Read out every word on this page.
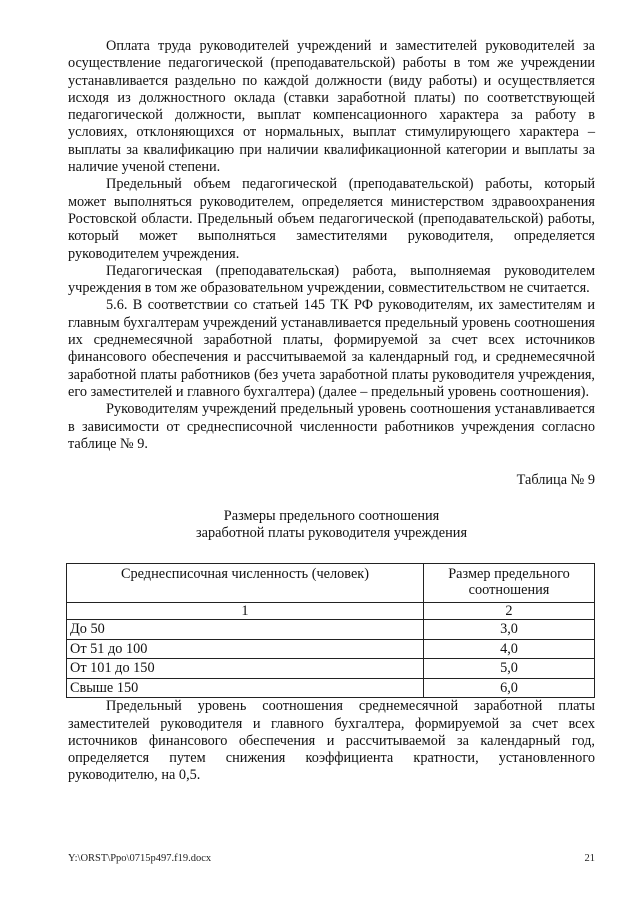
Оплата труда руководителей учреждений и заместителей руководителей за осуществление педагогической (преподавательской) работы в том же учреждении устанавливается раздельно по каждой должности (виду работы) и осуществляется исходя из должностного оклада (ставки заработной платы) по соответствующей педагогической должности, выплат компенсационного характера за работу в условиях, отклоняющихся от нормальных, выплат стимулирующего характера – выплаты за квалификацию при наличии квалификационной категории и выплаты за наличие ученой степени.

Предельный объем педагогической (преподавательской) работы, который может выполняться руководителем, определяется министерством здравоохранения Ростовской области. Предельный объем педагогической (преподавательской) работы, который может выполняться заместителями руководителя, определяется руководителем учреждения.

Педагогическая (преподавательская) работа, выполняемая руководителем учреждения в том же образовательном учреждении, совместительством не считается.

5.6. В соответствии со статьей 145 ТК РФ руководителям, их заместителям и главным бухгалтерам учреждений устанавливается предельный уровень соотношения их среднемесячной заработной платы, формируемой за счет всех источников финансового обеспечения и рассчитываемой за календарный год, и среднемесячной заработной платы работников (без учета заработной платы руководителя учреждения, его заместителей и главного бухгалтера) (далее – предельный уровень соотношения).

Руководителям учреждений предельный уровень соотношения устанавливается в зависимости от среднесписочной численности работников учреждения согласно таблице № 9.

Таблица № 9
Размеры предельного соотношения
заработной платы руководителя учреждения
Среднесписочная численность (человек)	Размер предельного соотношения
1	2
До 50	3,0
От 51 до 100	4,0
От 101 до 150	5,0
Свыше 150	6,0

Предельный уровень соотношения среднемесячной заработной платы заместителей руководителя и главного бухгалтера, формируемой за счет всех источников финансового обеспечения и рассчитываемой за календарный год, определяется путем снижения коэффициента кратности, установленного руководителю, на 0,5.

Y:\ORST\Ppo\0715p497.f19.docx	21
